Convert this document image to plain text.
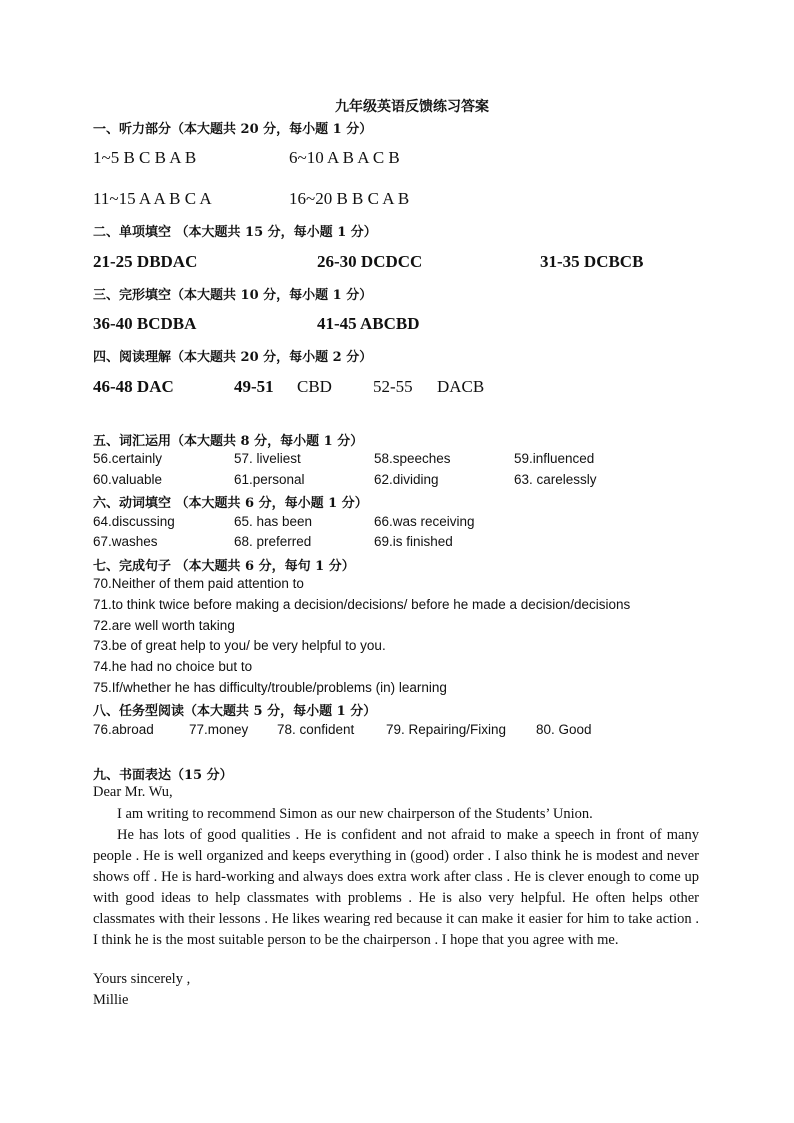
九年级英语反馈练习答案
一、听力部分（本大题共 20 分，每小题 1 分）
1~5 B C B A B	6~10 A B A C B
11~15 A A B C A	16~20 B B C A B
二、单项填空 （本大题共 15 分，每小题 1 分）
21-25 DBDAC	26-30 DCDCC	31-35 DCBCB
三、完形填空（本大题共 10 分，每小题 1 分）
36-40 BCDBA	41-45 ABCBD
四、阅读理解（本大题共 20 分，每小题 2 分）
46-48 DAC	49-51 CBD 52-55 DACB
五、词汇运用（本大题共 8 分，每小题 1 分）
56.certainly	57. liveliest	58.speeches	59.influenced
60.valuable	61.personal	62.dividing	63. carelessly
六、动词填空 （本大题共 6 分，每小题 1 分）
64.discussing	65. has been	66.was receiving
67.washes	68. preferred	69.is finished
七、完成句子 （本大题共 6 分，每句 1 分）
70.Neither of them paid attention to
71.to think twice before making a decision/decisions/ before he made a decision/decisions
72.are well worth taking
73.be of great help to you/ be very helpful to you.
74.he had no choice but to
75.If/whether he has difficulty/trouble/problems (in) learning
八、任务型阅读（本大题共 5 分，每小题 1 分）
76.abroad	77.money 78. confident 79. Repairing/Fixing 80. Good
九、书面表达（15 分）
Dear Mr. Wu,
I am writing to recommend Simon as our new chairperson of the Students’ Union.
He has lots of good qualities . He is confident and not afraid to make a speech in front of many people . He is well organized and keeps everything in (good) order . I also think he is modest and never shows off . He is hard-working and always does extra work after class . He is clever enough to come up with good ideas to help classmates with problems . He is also very helpful. He often helps other classmates with their lessons . He likes wearing red because it can make it easier for him to take action . I think he is the most suitable person to be the chairperson . I hope that you agree with me.
Yours sincerely ,
Millie
